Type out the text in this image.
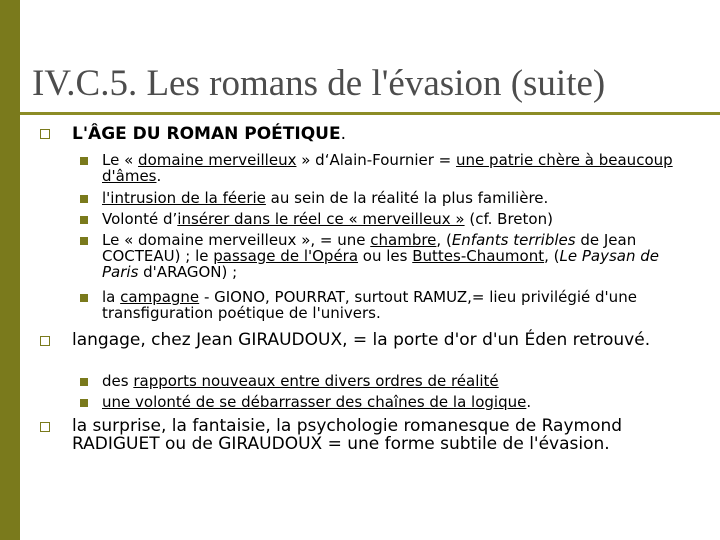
IV.C.5. Les romans de l'évasion (suite)
L'ÂGE DU ROMAN POÉTIQUE.
Le « domaine merveilleux » d‘Alain-Fournier = une patrie chère à beaucoup d'âmes.
l'intrusion de la féerie au sein de la réalité la plus familière.
Volonté d’insérer dans le réel ce « merveilleux » (cf. Breton)
Le « domaine merveilleux », = une chambre, (Enfants terribles de Jean COCTEAU) ; le passage de l'Opéra ou les Buttes-Chaumont, (Le Paysan de Paris d'ARAGON) ;
la campagne - GIONO, POURRAT, surtout RAMUZ,= lieu privilégié d'une transfiguration poétique de l'univers.
langage, chez Jean GIRAUDOUX, = la porte d'or d'un Éden retrouvé.
des rapports nouveaux entre divers ordres de réalité
une volonté de se débarrasser des chaînes de la logique.
la surprise, la fantaisie, la psychologie romanesque de Raymond RADIGUET ou de GIRAUDOUX = une forme subtile de l'évasion.
